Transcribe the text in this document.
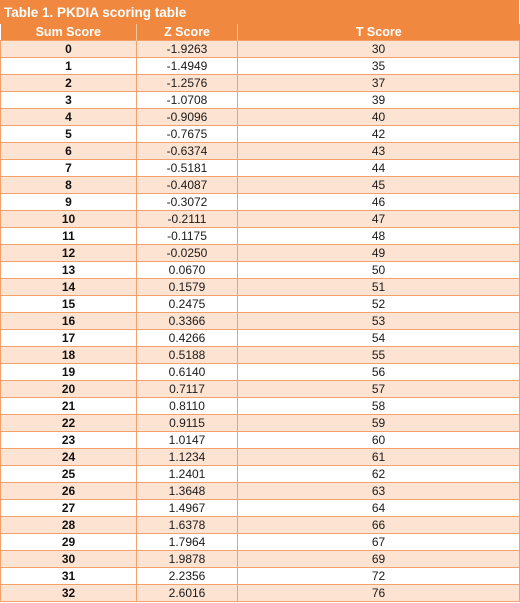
Table 1. PKDIA scoring table
Sum Score	Z Score	T Score
0	-1.9263	30
1	-1.4949	35
2	-1.2576	37
3	-1.0708	39
4	-0.9096	40
5	-0.7675	42
6	-0.6374	43
7	-0.5181	44
8	-0.4087	45
9	-0.3072	46
10	-0.2111	47
11	-0.1175	48
12	-0.0250	49
13	0.0670	50
14	0.1579	51
15	0.2475	52
16	0.3366	53
17	0.4266	54
18	0.5188	55
19	0.6140	56
20	0.7117	57
21	0.8110	58
22	0.9115	59
23	1.0147	60
24	1.1234	61
25	1.2401	62
26	1.3648	63
27	1.4967	64
28	1.6378	66
29	1.7964	67
30	1.9878	69
31	2.2356	72
32	2.6016	76
